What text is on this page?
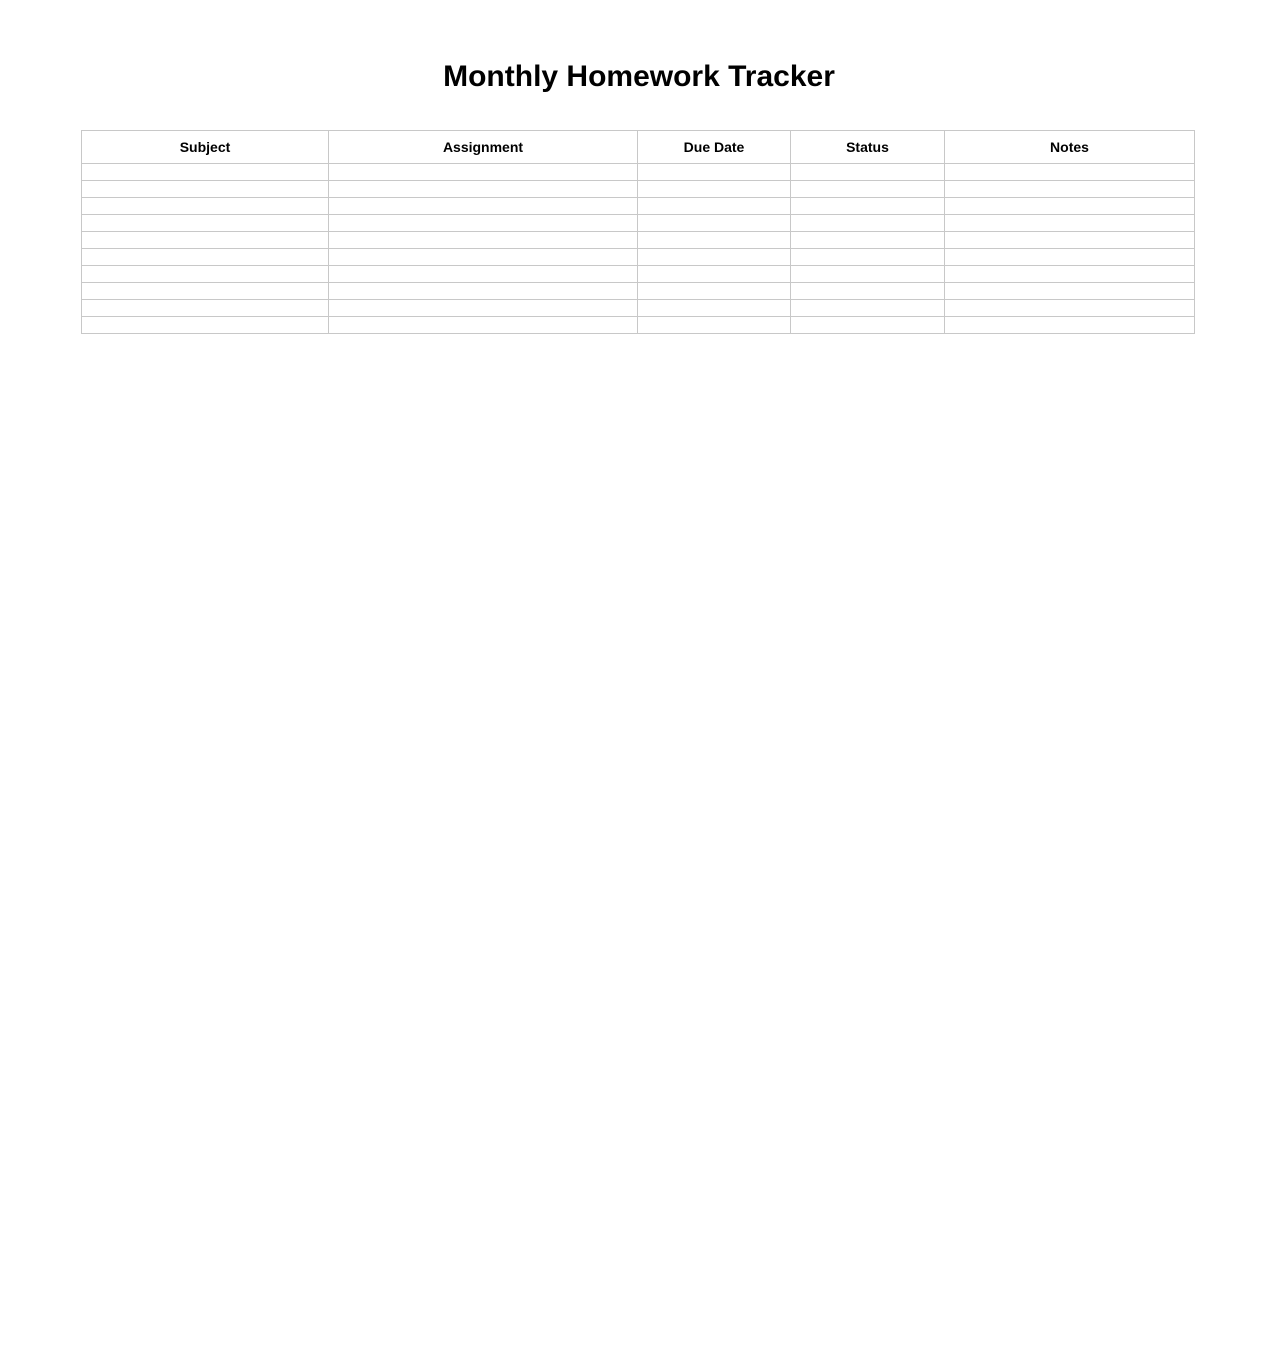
Monthly Homework Tracker
Subject	Assignment	Due Date	Status	Notes
